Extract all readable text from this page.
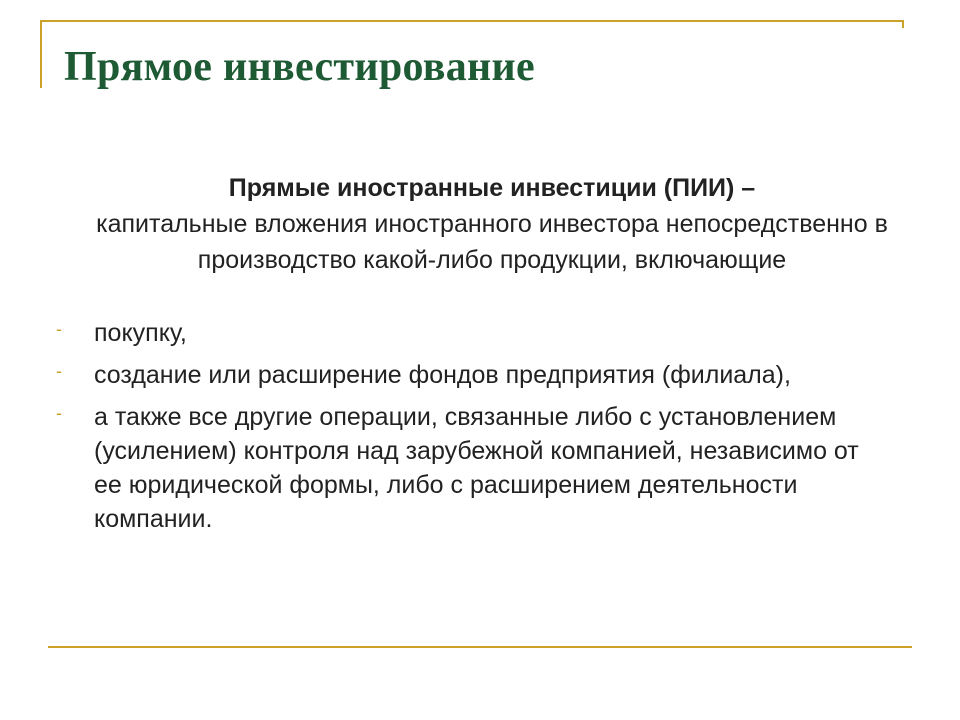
Прямое инвестирование
Прямые иностранные инвестиции (ПИИ) –
капитальные вложения иностранного инвестора непосредственно в производство какой-либо продукции, включающие
- покупку,
- создание или расширение фондов предприятия (филиала),
- а также все другие операции, связанные либо с установлением (усилением) контроля над зарубежной компанией, независимо от ее юридической формы, либо с расширением деятельности компании.
